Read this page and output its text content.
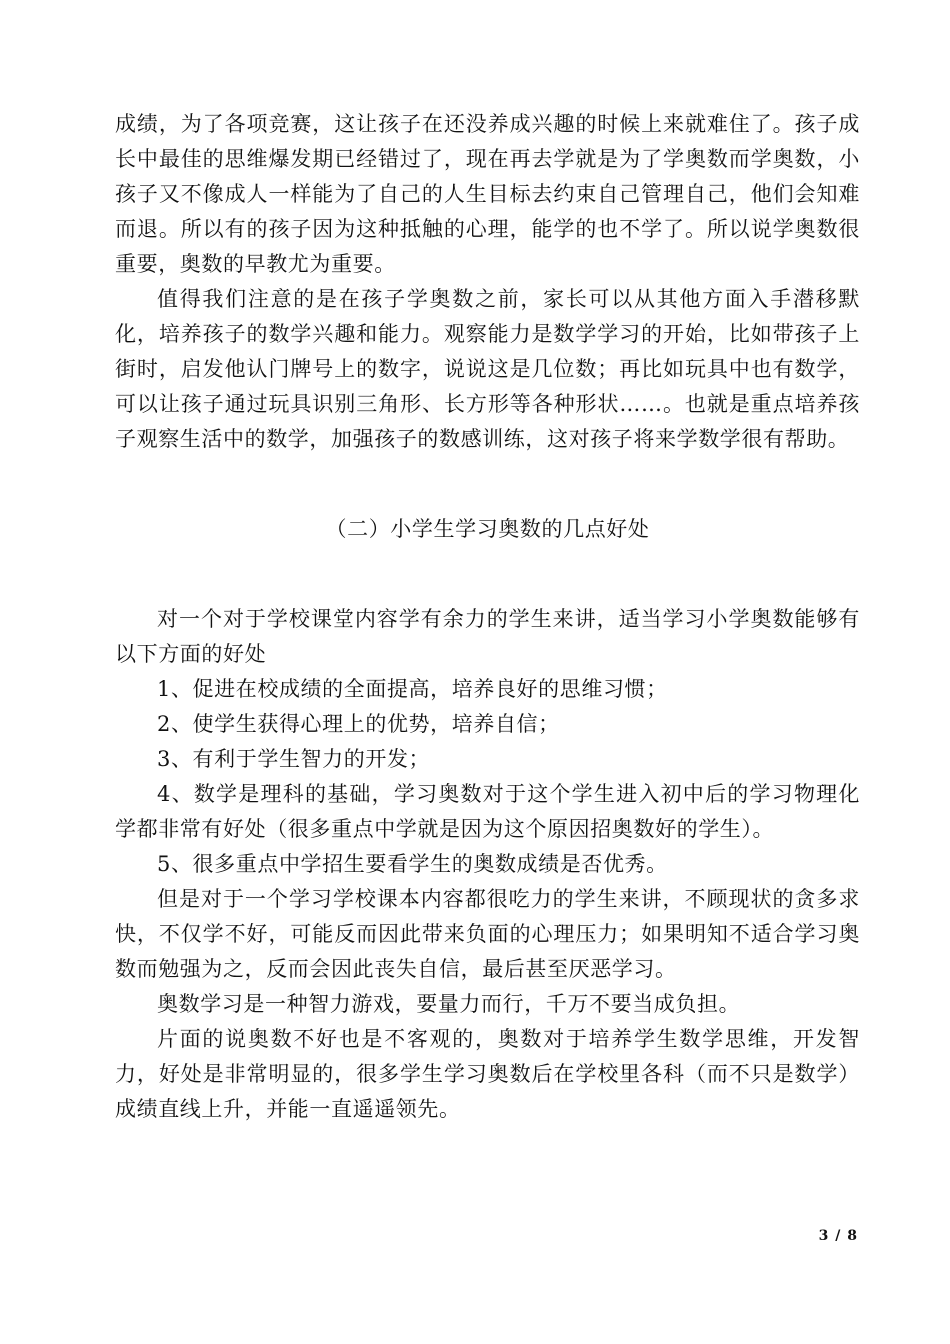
成绩，为了各项竞赛，这让孩子在还没养成兴趣的时候上来就难住了。孩子成长中最佳的思维爆发期已经错过了，现在再去学就是为了学奥数而学奥数，小孩子又不像成人一样能为了自己的人生目标去约束自己管理自己，他们会知难而退。所以有的孩子因为这种抵触的心理，能学的也不学了。所以说学奥数很重要，奥数的早教尤为重要。

值得我们注意的是在孩子学奥数之前，家长可以从其他方面入手潜移默化，培养孩子的数学兴趣和能力。观察能力是数学学习的开始，比如带孩子上街时，启发他认门牌号上的数字，说说这是几位数；再比如玩具中也有数学，可以让孩子通过玩具识别三角形、长方形等各种形状……。也就是重点培养孩子观察生活中的数学，加强孩子的数感训练，这对孩子将来学数学很有帮助。

（二）小学生学习奥数的几点好处

对一个对于学校课堂内容学有余力的学生来讲，适当学习小学奥数能够有以下方面的好处

1、促进在校成绩的全面提高，培养良好的思维习惯；

2、使学生获得心理上的优势，培养自信；

3、有利于学生智力的开发；

4、数学是理科的基础，学习奥数对于这个学生进入初中后的学习物理化学都非常有好处（很多重点中学就是因为这个原因招奥数好的学生）。

5、很多重点中学招生要看学生的奥数成绩是否优秀。

但是对于一个学习学校课本内容都很吃力的学生来讲，不顾现状的贪多求快，不仅学不好，可能反而因此带来负面的心理压力；如果明知不适合学习奥数而勉强为之，反而会因此丧失自信，最后甚至厌恶学习。

奥数学习是一种智力游戏，要量力而行，千万不要当成负担。

片面的说奥数不好也是不客观的，奥数对于培养学生数学思维，开发智力，好处是非常明显的，很多学生学习奥数后在学校里各科（而不只是数学）成绩直线上升，并能一直遥遥领先。

3 / 8
